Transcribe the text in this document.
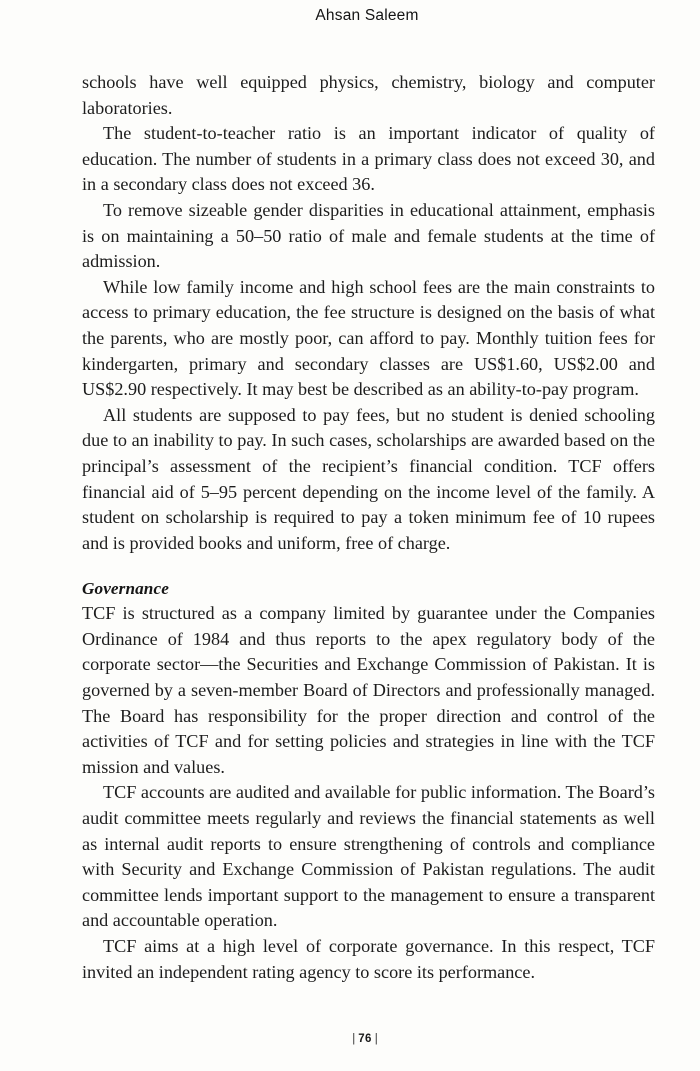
Ahsan Saleem

schools have well equipped physics, chemistry, biology and computer laboratories.

The student-to-teacher ratio is an important indicator of quality of education. The number of students in a primary class does not exceed 30, and in a secondary class does not exceed 36.

To remove sizeable gender disparities in educational attainment, emphasis is on maintaining a 50–50 ratio of male and female students at the time of admission.

While low family income and high school fees are the main constraints to access to primary education, the fee structure is designed on the basis of what the parents, who are mostly poor, can afford to pay. Monthly tuition fees for kindergarten, primary and secondary classes are US$1.60, US$2.00 and US$2.90 respectively. It may best be described as an ability-to-pay program.

All students are supposed to pay fees, but no student is denied schooling due to an inability to pay. In such cases, scholarships are awarded based on the principal’s assessment of the recipient’s financial condition. TCF offers financial aid of 5–95 percent depending on the income level of the family. A student on scholarship is required to pay a token minimum fee of 10 rupees and is provided books and uniform, free of charge.

Governance

TCF is structured as a company limited by guarantee under the Companies Ordinance of 1984 and thus reports to the apex regulatory body of the corporate sector—the Securities and Exchange Commission of Pakistan. It is governed by a seven-member Board of Directors and professionally managed. The Board has responsibility for the proper direction and control of the activities of TCF and for setting policies and strategies in line with the TCF mission and values.

TCF accounts are audited and available for public information. The Board’s audit committee meets regularly and reviews the financial statements as well as internal audit reports to ensure strengthening of controls and compliance with Security and Exchange Commission of Pakistan regulations. The audit committee lends important support to the management to ensure a transparent and accountable operation.

TCF aims at a high level of corporate governance. In this respect, TCF invited an independent rating agency to score its performance.

| 76 |
